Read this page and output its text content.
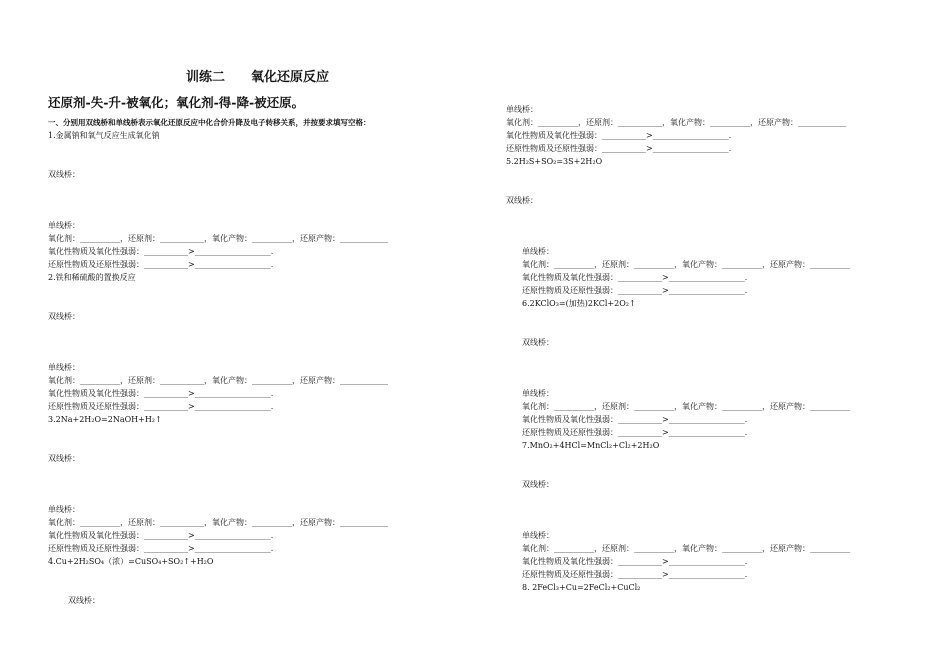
训练二　　氧化还原反应
还原剂-失-升-被氧化；氧化剂-得-降-被还原。
一、分别用双线桥和单线桥表示氧化还原反应中化合价升降及电子转移关系，并按要求填写空格：
1.金属钠和氧气反应生成氧化钠
双线桥：
单线桥：
氧化剂：__________，还原剂：___________，氧化产物：__________，还原产物：____________
氧化性物质及氧化性强弱：___________>___________________.
还原性物质及还原性强弱：___________>___________________.
2.铁和稀硫酸的置换反应
双线桥：
单线桥：
氧化剂：__________，还原剂：___________，氧化产物：__________，还原产物：____________
氧化性物质及氧化性强弱：___________>___________________.
还原性物质及还原性强弱：___________>___________________.
3.2Na+2H₂O=2NaOH+H₂↑
双线桥：
单线桥：
氧化剂：__________，还原剂：___________，氧化产物：__________，还原产物：____________
氧化性物质及氧化性强弱：___________>___________________.
还原性物质及还原性强弱：___________>___________________.
4.Cu+2H₂SO₄（浓）=CuSO₄+SO₂↑+H₂O
双线桥：
单线桥：
氧化剂：__________，还原剂：___________，氧化产物：__________，还原产物：____________
氧化性物质及氧化性强弱：___________>___________________.
还原性物质及还原性强弱：___________>___________________.
5.2H₂S+SO₂=3S+2H₂O
双线桥：
单线桥：
氧化剂：__________，还原剂：__________，氧化产物：__________，还原产物：__________
氧化性物质及氧化性强弱：___________>___________________.
还原性物质及还原性强弱：___________>___________________.
6.2KClO₃=(加热)2KCl+2O₂↑
双线桥：
单线桥：
氧化剂：__________，还原剂：__________，氧化产物：__________，还原产物：__________
氧化性物质及氧化性强弱：___________>___________________.
还原性物质及还原性强弱：___________>___________________.
7.MnO₂+4HCl=MnCl₂+Cl₂+2H₂O
双线桥：
单线桥：
氧化剂：__________，还原剂：__________，氧化产物：__________，还原产物：__________
氧化性物质及氧化性强弱：___________>___________________.
还原性物质及还原性强弱：___________>___________________.
8. 2FeCl₃+Cu=2FeCl₂+CuCl₂
